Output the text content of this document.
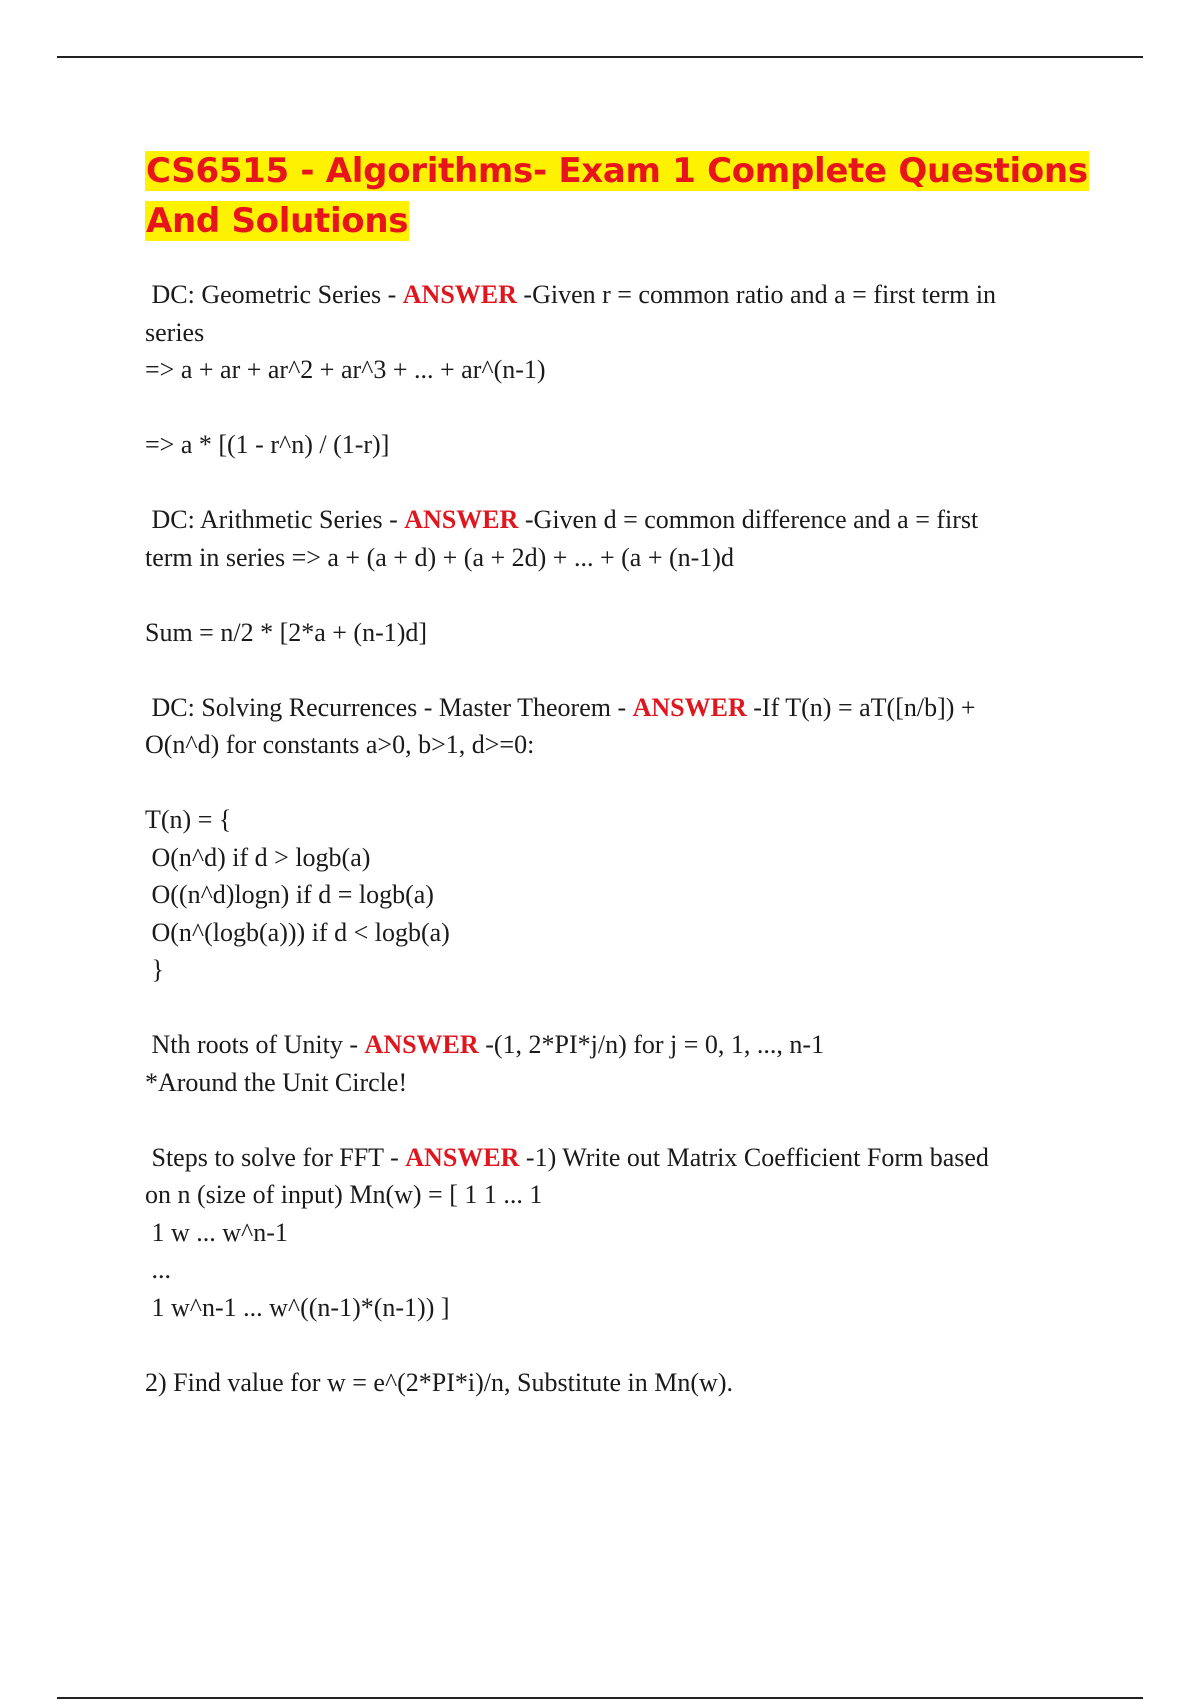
CS6515 - Algorithms- Exam 1 Complete Questions
And Solutions

DC: Geometric Series - ANSWER -Given r = common ratio and a = first term in

series

=> a + ar + ar^2 + ar^3 + ... + ar^(n-1)

=> a * [(1 - r^n) / (1-r)]

DC: Arithmetic Series - ANSWER -Given d = common difference and a = first

term in series => a + (a + d) + (a + 2d) + ... + (a + (n-1)d

Sum = n/2 * [2*a + (n-1)d]

DC: Solving Recurrences - Master Theorem - ANSWER -If T(n) = aT([n/b]) +

O(n^d) for constants a>0, b>1, d>=0:

T(n) = {

O(n^d) if d > logb(a)

O((n^d)logn) if d = logb(a)

O(n^(logb(a))) if d < logb(a)

}

Nth roots of Unity - ANSWER -(1, 2*PI*j/n) for j = 0, 1, ..., n-1

*Around the Unit Circle!

Steps to solve for FFT - ANSWER -1) Write out Matrix Coefficient Form based

on n (size of input) Mn(w) = [ 1 1 ... 1

1 w ... w^n-1

...

1 w^n-1 ... w^((n-1)*(n-1)) ]

2) Find value for w = e^(2*PI*i)/n, Substitute in Mn(w).
